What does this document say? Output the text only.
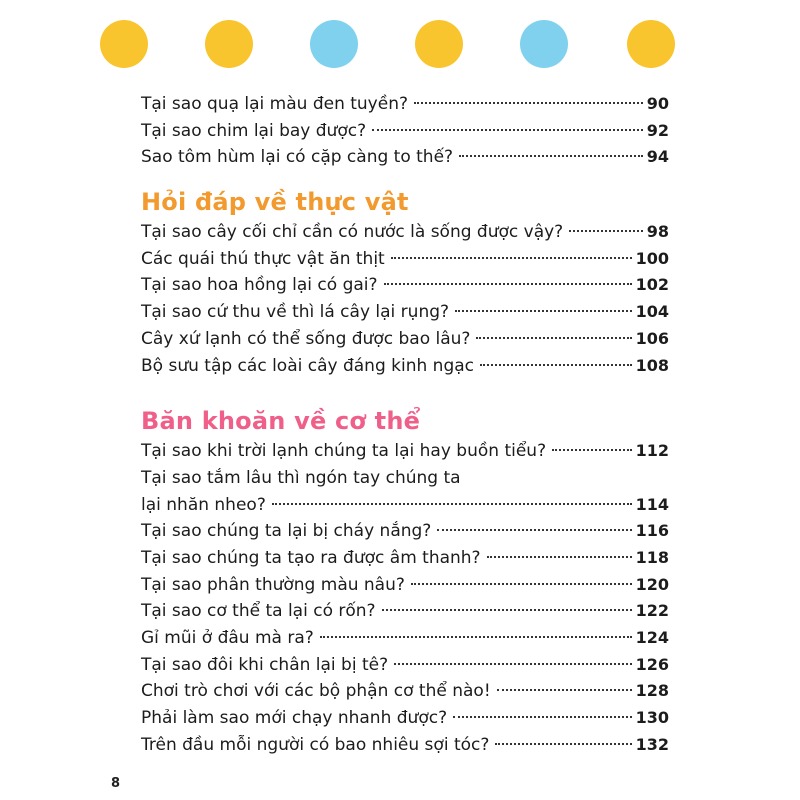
Tại sao quạ lại màu đen tuyền?	90
Tại sao chim lại bay được?	92
Sao tôm hùm lại có cặp càng to thế?	94
Hỏi đáp về thực vật
Tại sao cây cối chỉ cần có nước là sống được vậy?	98
Các quái thú thực vật ăn thịt	100
Tại sao hoa hồng lại có gai?	102
Tại sao cứ thu về thì lá cây lại rụng?	104
Cây xứ lạnh có thể sống được bao lâu?	106
Bộ sưu tập các loài cây đáng kinh ngạc	108
Băn khoăn về cơ thể
Tại sao khi trời lạnh chúng ta lại hay buồn tiểu?	112
Tại sao tắm lâu thì ngón tay chúng ta
lại nhăn nheo?	114
Tại sao chúng ta lại bị cháy nắng?	116
Tại sao chúng ta tạo ra được âm thanh?	118
Tại sao phân thường màu nâu?	120
Tại sao cơ thể ta lại có rốn?	122
Gỉ mũi ở đâu mà ra?	124
Tại sao đôi khi chân lại bị tê?	126
Chơi trò chơi với các bộ phận cơ thể nào!	128
Phải làm sao mới chạy nhanh được?	130
Trên đầu mỗi người có bao nhiêu sợi tóc?	132
8
